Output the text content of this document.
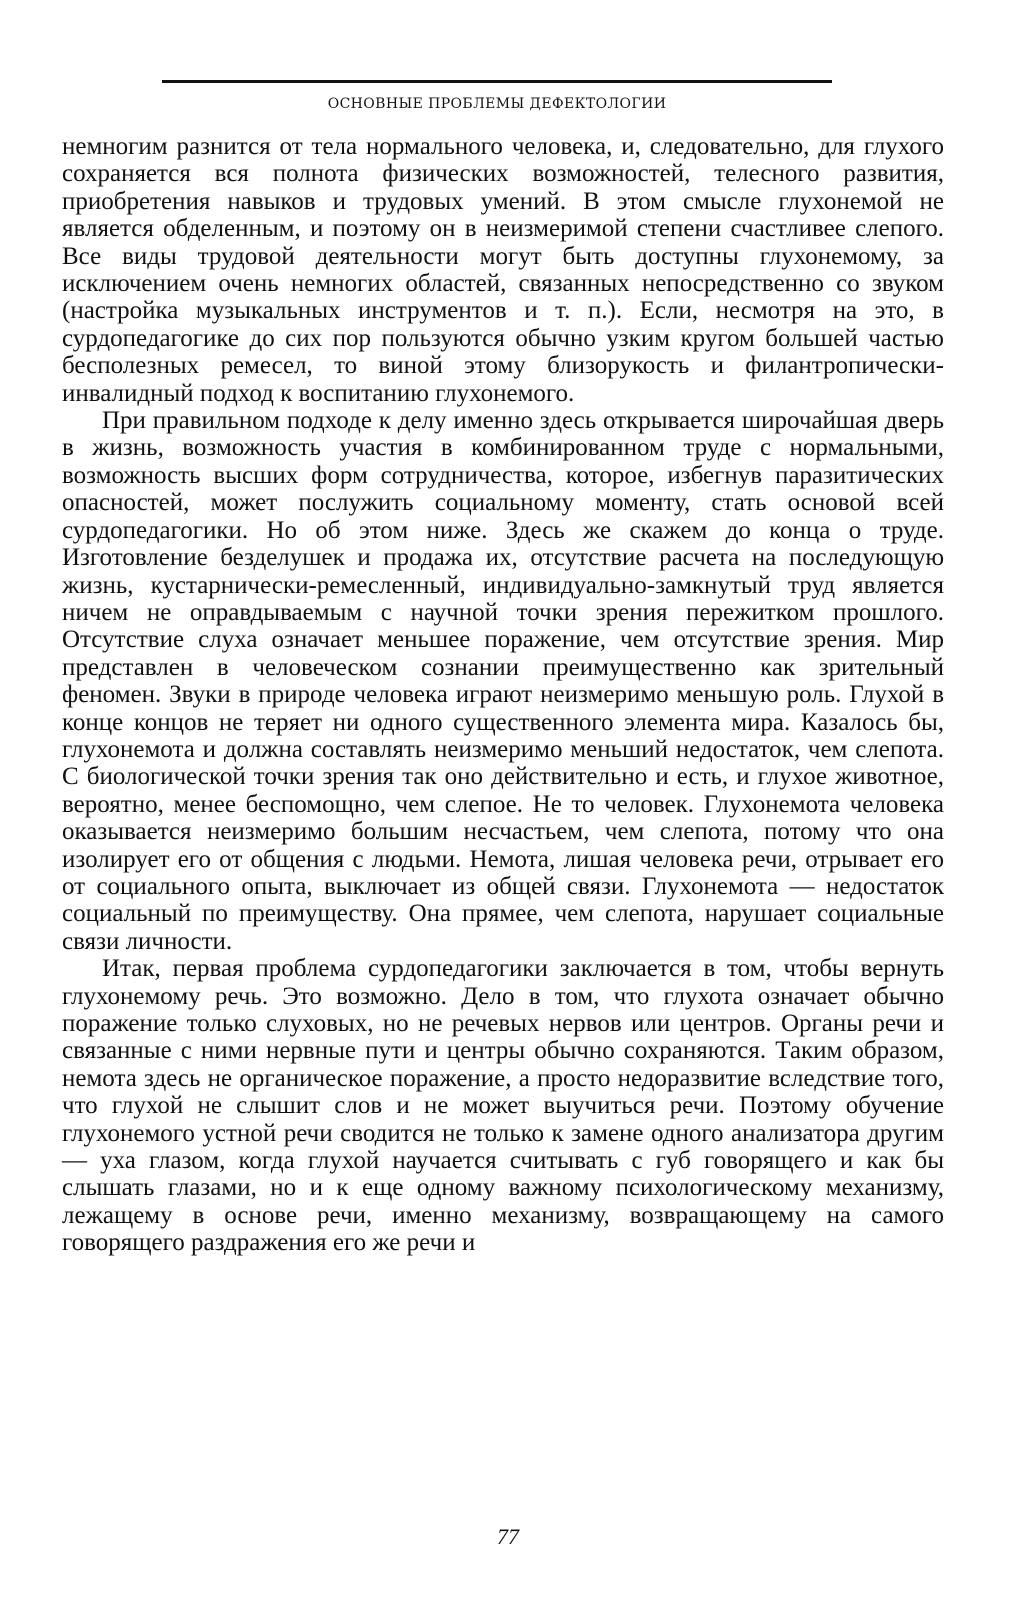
ОСНОВНЫЕ ПРОБЛЕМЫ ДЕФЕКТОЛОГИИ

немногим разнится от тела нормального человека, и, следовательно, для глухого сохраняется вся полнота физических возможностей, телесного развития, приобретения навыков и трудовых умений. В этом смысле глухонемой не является обделенным, и поэтому он в неизмеримой степени счастливее слепого. Все виды трудовой деятельности могут быть доступны глухонемому, за исключением очень немногих областей, связанных непосредственно со звуком (настройка музыкальных инструментов и т. п.). Если, несмотря на это, в сурдопедагогике до сих пор пользуются обычно узким кругом большей частью бесполезных ремесел, то виной этому близорукость и филантропически-инвалидный подход к воспитанию глухонемого.

При правильном подходе к делу именно здесь открывается широчайшая дверь в жизнь, возможность участия в комбинированном труде с нормальными, возможность высших форм сотрудничества, которое, избегнув паразитических опасностей, может послужить социальному моменту, стать основой всей сурдопедагогики. Но об этом ниже. Здесь же скажем до конца о труде. Изготовление безделушек и продажа их, отсутствие расчета на последующую жизнь, кустарнически-ремесленный, индивидуально-замкнутый труд является ничем не оправдываемым с научной точки зрения пережитком прошлого. Отсутствие слуха означает меньшее поражение, чем отсутствие зрения. Мир представлен в человеческом сознании преимущественно как зрительный феномен. Звуки в природе человека играют неизмеримо меньшую роль. Глухой в конце концов не теряет ни одного существенного элемента мира. Казалось бы, глухонемота и должна составлять неизмеримо меньший недостаток, чем слепота. С биологической точки зрения так оно действительно и есть, и глухое животное, вероятно, менее беспомощно, чем слепое. Не то человек. Глухонемота человека оказывается неизмеримо большим несчастьем, чем слепота, потому что она изолирует его от общения с людьми. Немота, лишая человека речи, отрывает его от социального опыта, выключает из общей связи. Глухонемота — недостаток социальный по преимуществу. Она прямее, чем слепота, нарушает социальные связи личности.

Итак, первая проблема сурдопедагогики заключается в том, чтобы вернуть глухонемому речь. Это возможно. Дело в том, что глухота означает обычно поражение только слуховых, но не речевых нервов или центров. Органы речи и связанные с ними нервные пути и центры обычно сохраняются. Таким образом, немота здесь не органическое поражение, а просто недоразвитие вследствие того, что глухой не слышит слов и не может выучиться речи. Поэтому обучение глухонемого устной речи сводится не только к замене одного анализатора другим — уха глазом, когда глухой научается считывать с губ говорящего и как бы слышать глазами, но и к еще одному важному психологическому механизму, лежащему в основе речи, именно механизму, возвращающему на самого говорящего раздражения его же речи и

77
